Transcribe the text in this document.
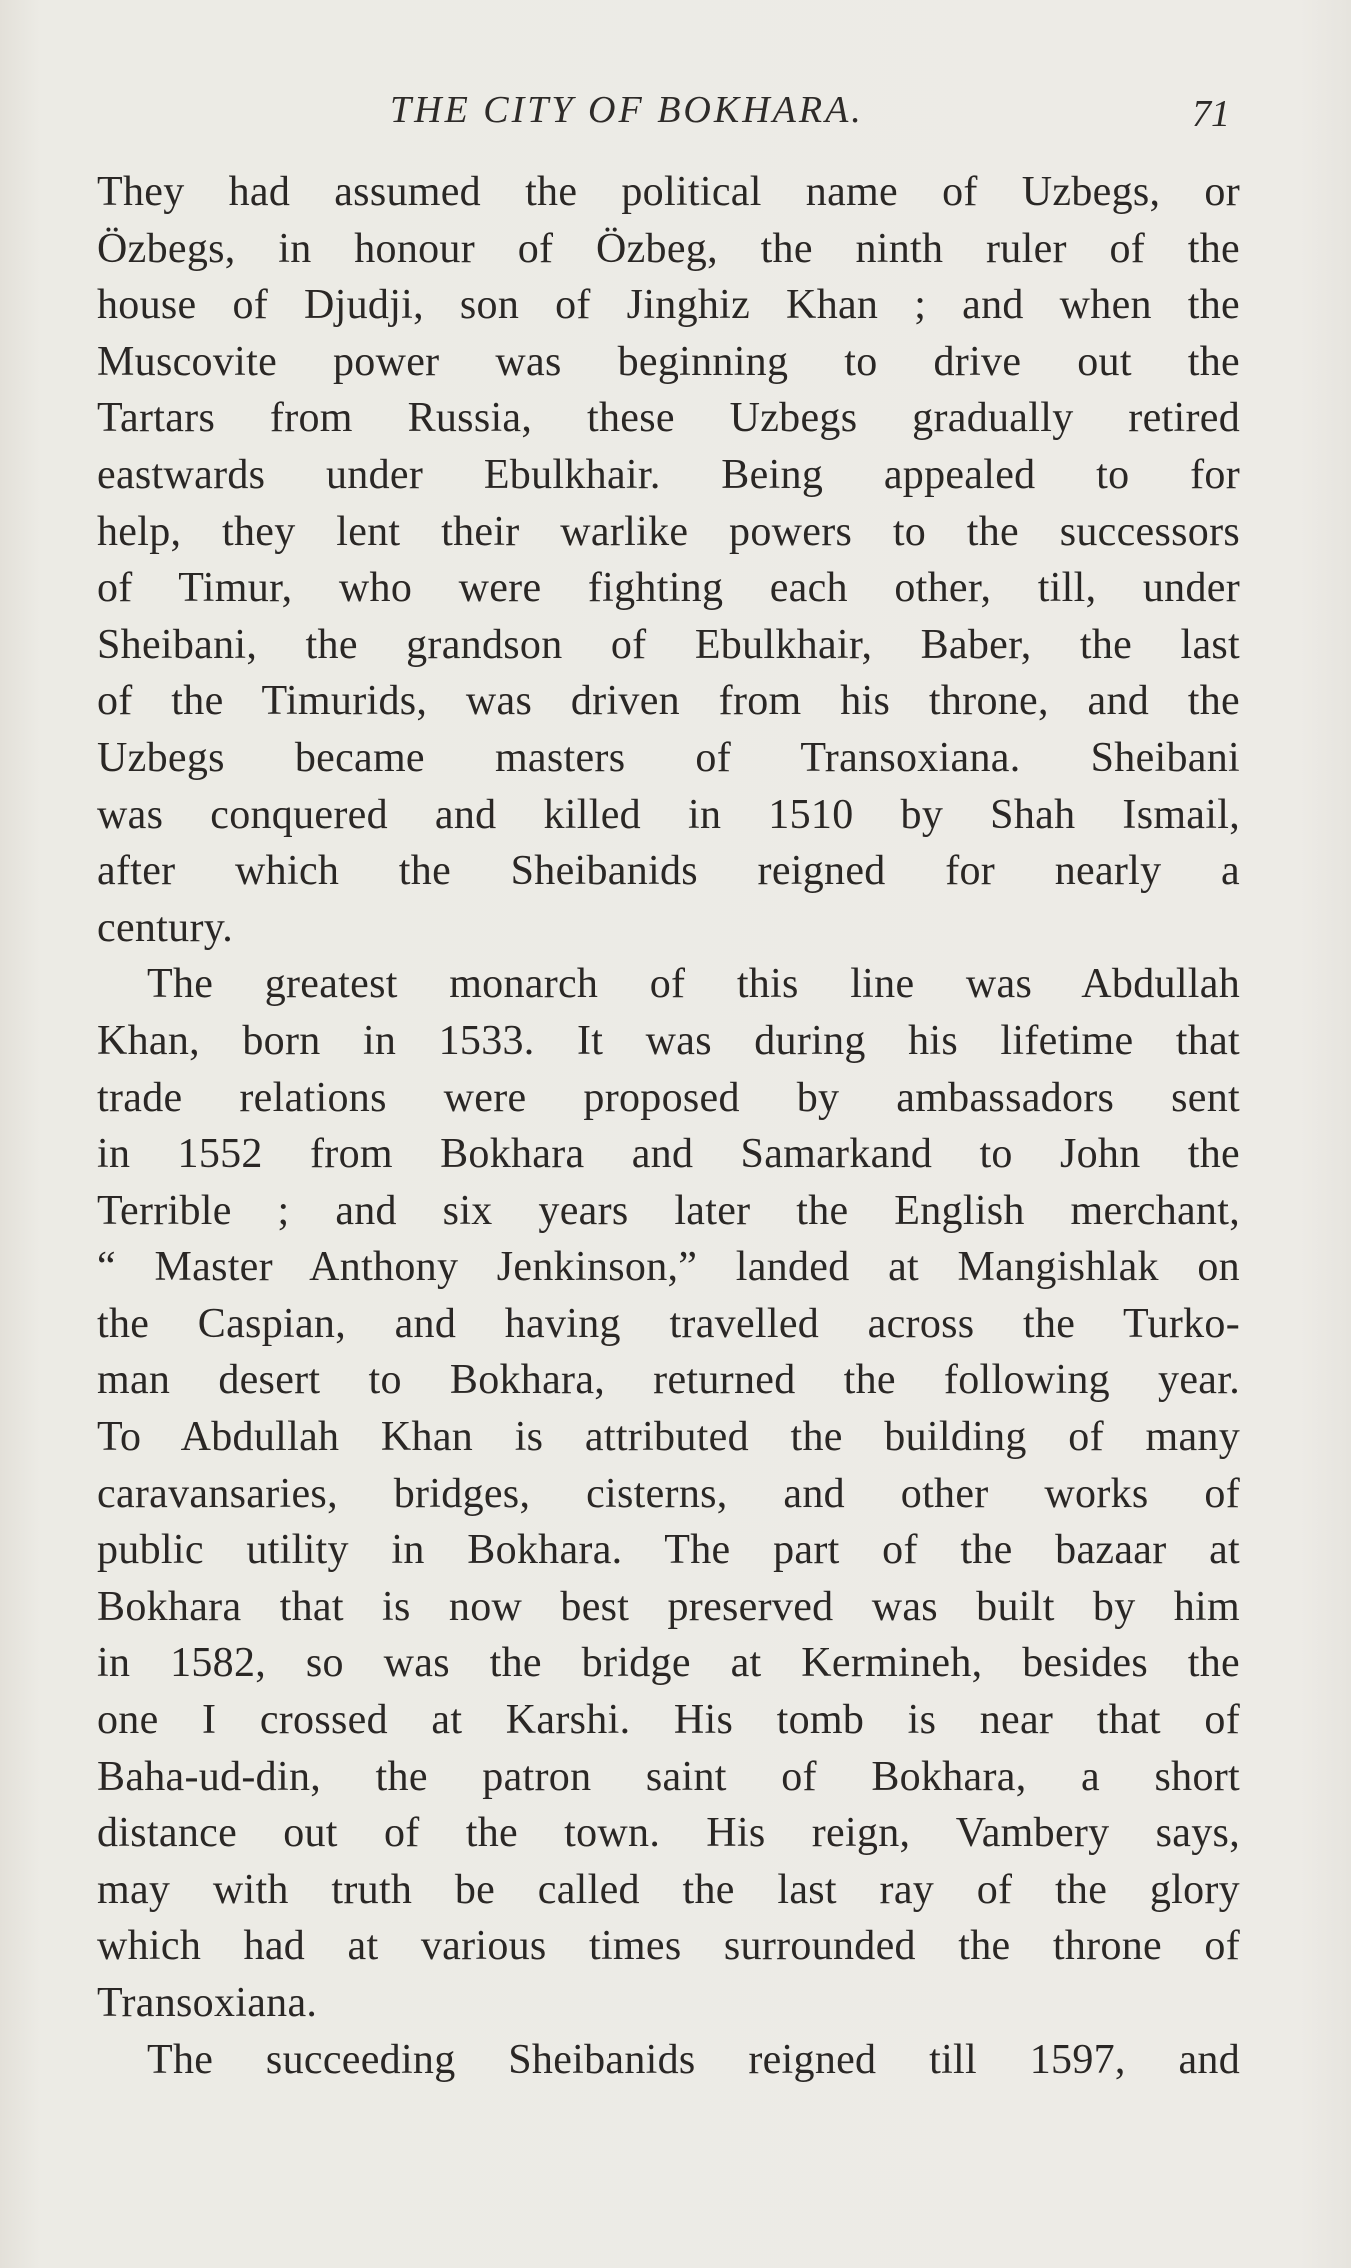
THE CITY OF BOKHARA.	71
They had assumed the political name of Uzbegs, or
Özbegs, in honour of Özbeg, the ninth ruler of the
house of Djudji, son of Jinghiz Khan ; and when the
Muscovite power was beginning to drive out the
Tartars from Russia, these Uzbegs gradually retired
eastwards under Ebulkhair. Being appealed to for
help, they lent their warlike powers to the successors
of Timur, who were fighting each other, till, under
Sheibani, the grandson of Ebulkhair, Baber, the last
of the Timurids, was driven from his throne, and the
Uzbegs became masters of Transoxiana. Sheibani
was conquered and killed in 1510 by Shah Ismail,
after which the Sheibanids reigned for nearly a
century.
The greatest monarch of this line was Abdullah
Khan, born in 1533. It was during his lifetime that
trade relations were proposed by ambassadors sent
in 1552 from Bokhara and Samarkand to John the
Terrible ; and six years later the English merchant,
“ Master Anthony Jenkinson,” landed at Mangishlak on
the Caspian, and having travelled across the Turko-
man desert to Bokhara, returned the following year.
To Abdullah Khan is attributed the building of many
caravansaries, bridges, cisterns, and other works of
public utility in Bokhara. The part of the bazaar at
Bokhara that is now best preserved was built by him
in 1582, so was the bridge at Kermineh, besides the
one I crossed at Karshi. His tomb is near that of
Baha-ud-din, the patron saint of Bokhara, a short
distance out of the town. His reign, Vambery says,
may with truth be called the last ray of the glory
which had at various times surrounded the throne of
Transoxiana.
The succeeding Sheibanids reigned till 1597, and
